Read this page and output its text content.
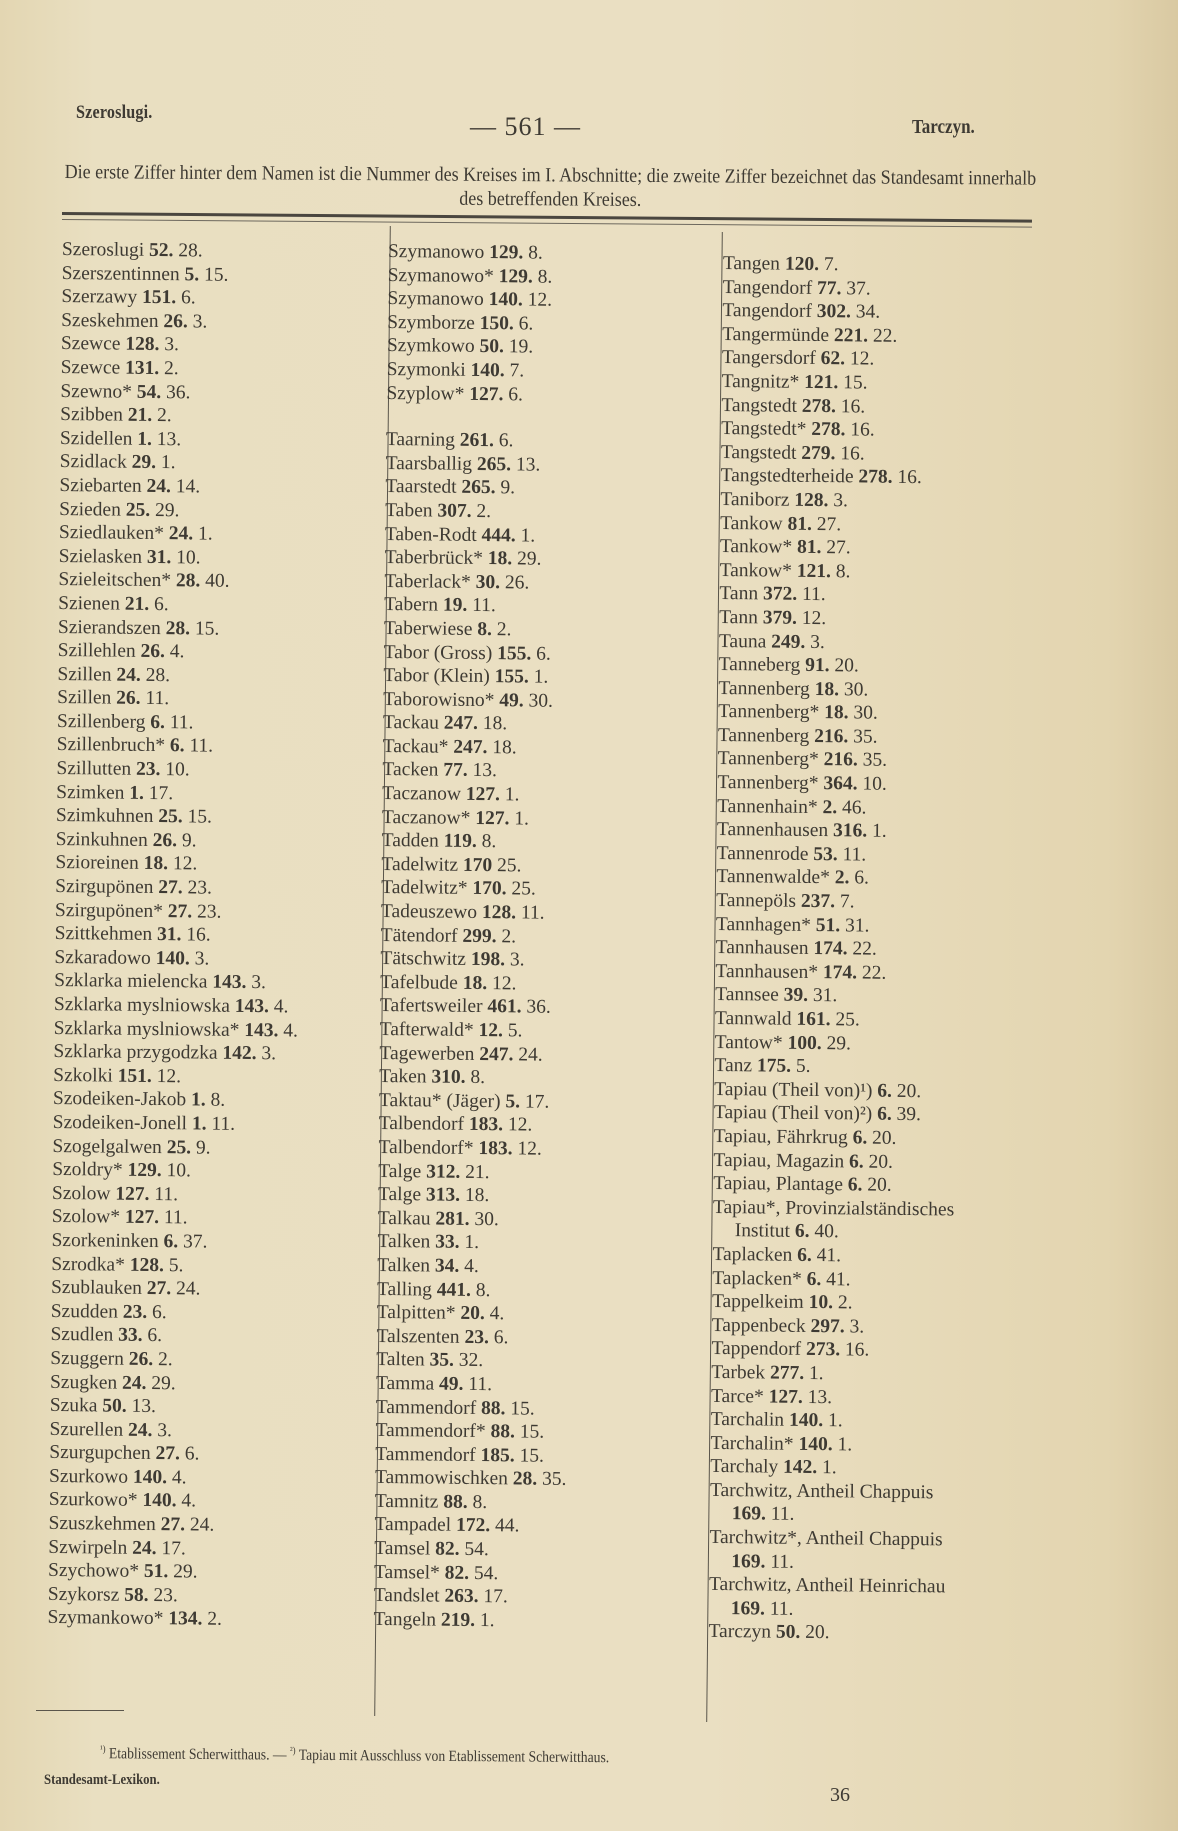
Szeroslugi.	— 561 —	Tarczyn.
Die erste Ziffer hinter dem Namen ist die Nummer des Kreises im I. Abschnitte; die zweite Ziffer bezeichnet das Standesamt innerhalb des betreffenden Kreises.
Szeroslugi 52. 28.
Szerszentinnen 5. 15.
Szerzawy 151. 6.
Szeskehmen 26. 3.
Szewce 128. 3.
Szewce 131. 2.
Szewno* 54. 36.
Szibben 21. 2.
Szidellen 1. 13.
Szidlack 29. 1.
Sziebarten 24. 14.
Szieden 25. 29.
Sziedlauken* 24. 1.
Szielasken 31. 10.
Szieleitschen* 28. 40.
Szienen 21. 6.
Szierandszen 28. 15.
Szillehlen 26. 4.
Szillen 24. 28.
Szillen 26. 11.
Szillenberg 6. 11.
Szillenbruch* 6. 11.
Szillutten 23. 10.
Szimken 1. 17.
Szimkuhnen 25. 15.
Szinkuhnen 26. 9.
Szioreinen 18. 12.
Szirgupönen 27. 23.
Szirgupönen* 27. 23.
Szittkehmen 31. 16.
Szkaradowo 140. 3.
Szklarka mielencka 143. 3.
Szklarka myslniowska 143. 4.
Szklarka myslniowska* 143. 4.
Szklarka przygodzka 142. 3.
Szkolki 151. 12.
Szodeiken-Jakob 1. 8.
Szodeiken-Jonell 1. 11.
Szogelgalwen 25. 9.
Szoldry* 129. 10.
Szolow 127. 11.
Szolow* 127. 11.
Szorkeninken 6. 37.
Szrodka* 128. 5.
Szublauken 27. 24.
Szudden 23. 6.
Szudlen 33. 6.
Szuggern 26. 2.
Szugken 24. 29.
Szuka 50. 13.
Szurellen 24. 3.
Szurgupchen 27. 6.
Szurkowo 140. 4.
Szurkowo* 140. 4.
Szuszkehmen 27. 24.
Szwirpeln 24. 17.
Szychowo* 51. 29.
Szykorsz 58. 23.
Szymankowo* 134. 2.
Szymanowo 129. 8.
Szymanowo* 129. 8.
Szymanowo 140. 12.
Szymborze 150. 6.
Szymkowo 50. 19.
Szymonki 140. 7.
Szyplow* 127. 6.
Taarning 261. 6.
Taarsballig 265. 13.
Taarstedt 265. 9.
Taben 307. 2.
Taben-Rodt 444. 1.
Taberbrück* 18. 29.
Taberlack* 30. 26.
Tabern 19. 11.
Taberwiese 8. 2.
Tabor (Gross) 155. 6.
Tabor (Klein) 155. 1.
Taborowisno* 49. 30.
Tackau 247. 18.
Tackau* 247. 18.
Tacken 77. 13.
Taczanow 127. 1.
Taczanow* 127. 1.
Tadden 119. 8.
Tadelwitz 170 25.
Tadelwitz* 170. 25.
Tadeuszewo 128. 11.
Tätendorf 299. 2.
Tätschwitz 198. 3.
Tafelbude 18. 12.
Tafertsweiler 461. 36.
Tafterwald* 12. 5.
Tagewerben 247. 24.
Taken 310. 8.
Taktau* (Jäger) 5. 17.
Talbendorf 183. 12.
Talbendorf* 183. 12.
Talge 312. 21.
Talge 313. 18.
Talkau 281. 30.
Talken 33. 1.
Talken 34. 4.
Talling 441. 8.
Talpitten* 20. 4.
Talszenten 23. 6.
Talten 35. 32.
Tamma 49. 11.
Tammendorf 88. 15.
Tammendorf* 88. 15.
Tammendorf 185. 15.
Tammowischken 28. 35.
Tamnitz 88. 8.
Tampadel 172. 44.
Tamsel 82. 54.
Tamsel* 82. 54.
Tandslet 263. 17.
Tangeln 219. 1.
Tangen 120. 7.
Tangendorf 77. 37.
Tangendorf 302. 34.
Tangermünde 221. 22.
Tangersdorf 62. 12.
Tangnitz* 121. 15.
Tangstedt 278. 16.
Tangstedt* 278. 16.
Tangstedt 279. 16.
Tangstedterheide 278. 16.
Taniborz 128. 3.
Tankow 81. 27.
Tankow* 81. 27.
Tankow* 121. 8.
Tann 372. 11.
Tann 379. 12.
Tauna 249. 3.
Tanneberg 91. 20.
Tannenberg 18. 30.
Tannenberg* 18. 30.
Tannenberg 216. 35.
Tannenberg* 216. 35.
Tannenberg* 364. 10.
Tannenhain* 2. 46.
Tannenhausen 316. 1.
Tannenrode 53. 11.
Tannenwalde* 2. 6.
Tannepöls 237. 7.
Tannhagen* 51. 31.
Tannhausen 174. 22.
Tannhausen* 174. 22.
Tannsee 39. 31.
Tannwald 161. 25.
Tantow* 100. 29.
Tanz 175. 5.
Tapiau (Theil von)¹) 6. 20.
Tapiau (Theil von)²) 6. 39.
Tapiau, Fährkrug 6. 20.
Tapiau, Magazin 6. 20.
Tapiau, Plantage 6. 20.
Tapiau*, Provinzialständisches
Institut 6. 40.
Taplacken 6. 41.
Taplacken* 6. 41.
Tappelkeim 10. 2.
Tappenbeck 297. 3.
Tappendorf 273. 16.
Tarbek 277. 1.
Tarce* 127. 13.
Tarchalin 140. 1.
Tarchalin* 140. 1.
Tarchaly 142. 1.
Tarchwitz, Antheil Chappuis
169. 11.
Tarchwitz*, Antheil Chappuis
169. 11.
Tarchwitz, Antheil Heinrichau
169. 11.
Tarczyn 50. 20.
$^{^1)}$ Etablissement Scherwitthaus. — $^{^2)}$ Tapiau mit Ausschluss von Etablissement Scherwitthaus.
Standesamt-Lexikon.
36
